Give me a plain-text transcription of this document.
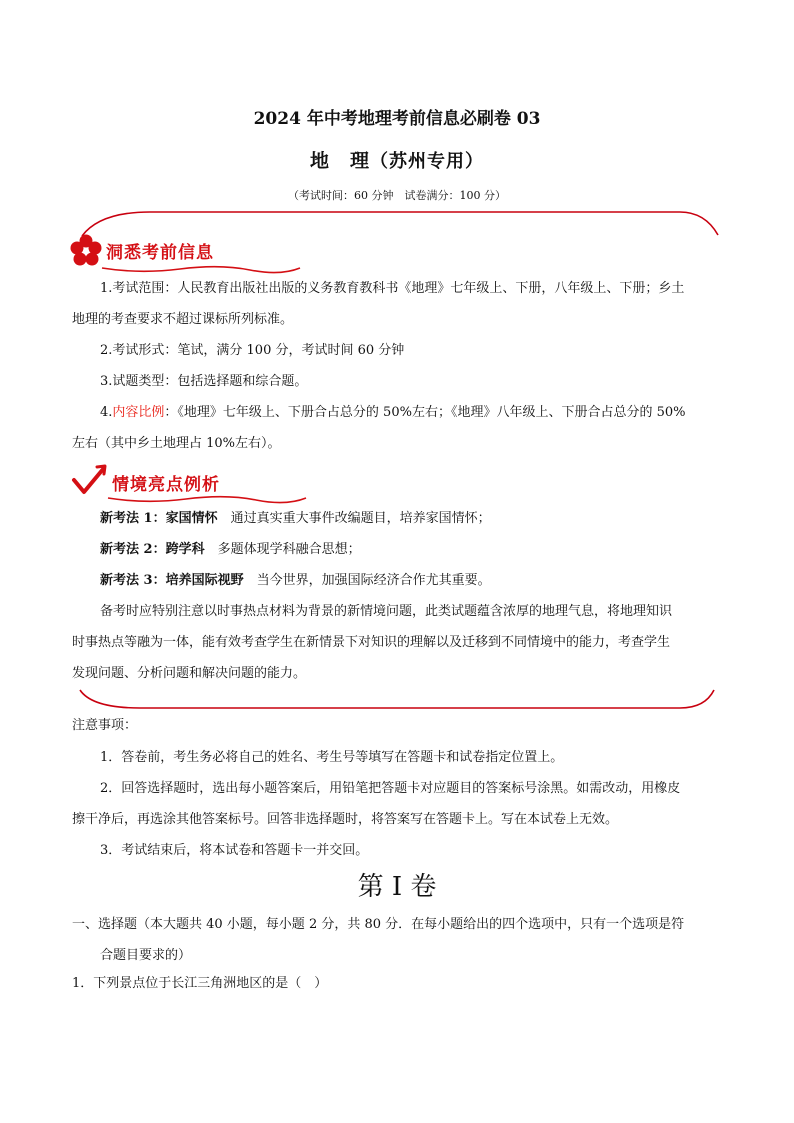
2024 年中考地理考前信息必刷卷 03
地　理（苏州专用）
（考试时间：60 分钟　试卷满分：100 分）
洞悉考前信息
1.考试范围：人民教育出版社出版的义务教育教科书《地理》七年级上、下册，八年级上、下册；乡土
地理的考查要求不超过课标所列标准。
2.考试形式：笔试，满分 100 分，考试时间 60 分钟
3.试题类型：包括选择题和综合题。
4.内容比例：《地理》七年级上、下册合占总分的 50%左右；《地理》八年级上、下册合占总分的 50%
左右（其中乡土地理占 10%左右）。
情境亮点例析
新考法 1：家国情怀　通过真实重大事件改编题目，培养家国情怀；
新考法 2：跨学科　多题体现学科融合思想；
新考法 3：培养国际视野　当今世界，加强国际经济合作尤其重要。
备考时应特别注意以时事热点材料为背景的新情境问题，此类试题蕴含浓厚的地理气息，将地理知识
时事热点等融为一体，能有效考查学生在新情景下对知识的理解以及迁移到不同情境中的能力，考查学生
发现问题、分析问题和解决问题的能力。
注意事项：
1．答卷前，考生务必将自己的姓名、考生号等填写在答题卡和试卷指定位置上。
2．回答选择题时，选出每小题答案后，用铅笔把答题卡对应题目的答案标号涂黑。如需改动，用橡皮
擦干净后，再选涂其他答案标号。回答非选择题时，将答案写在答题卡上。写在本试卷上无效。
3．考试结束后，将本试卷和答题卡一并交回。
第 I 卷
一、选择题（本大题共 40 小题，每小题 2 分，共 80 分．在每小题给出的四个选项中，只有一个选项是符
合题目要求的）
1．下列景点位于长江三角洲地区的是（　）
